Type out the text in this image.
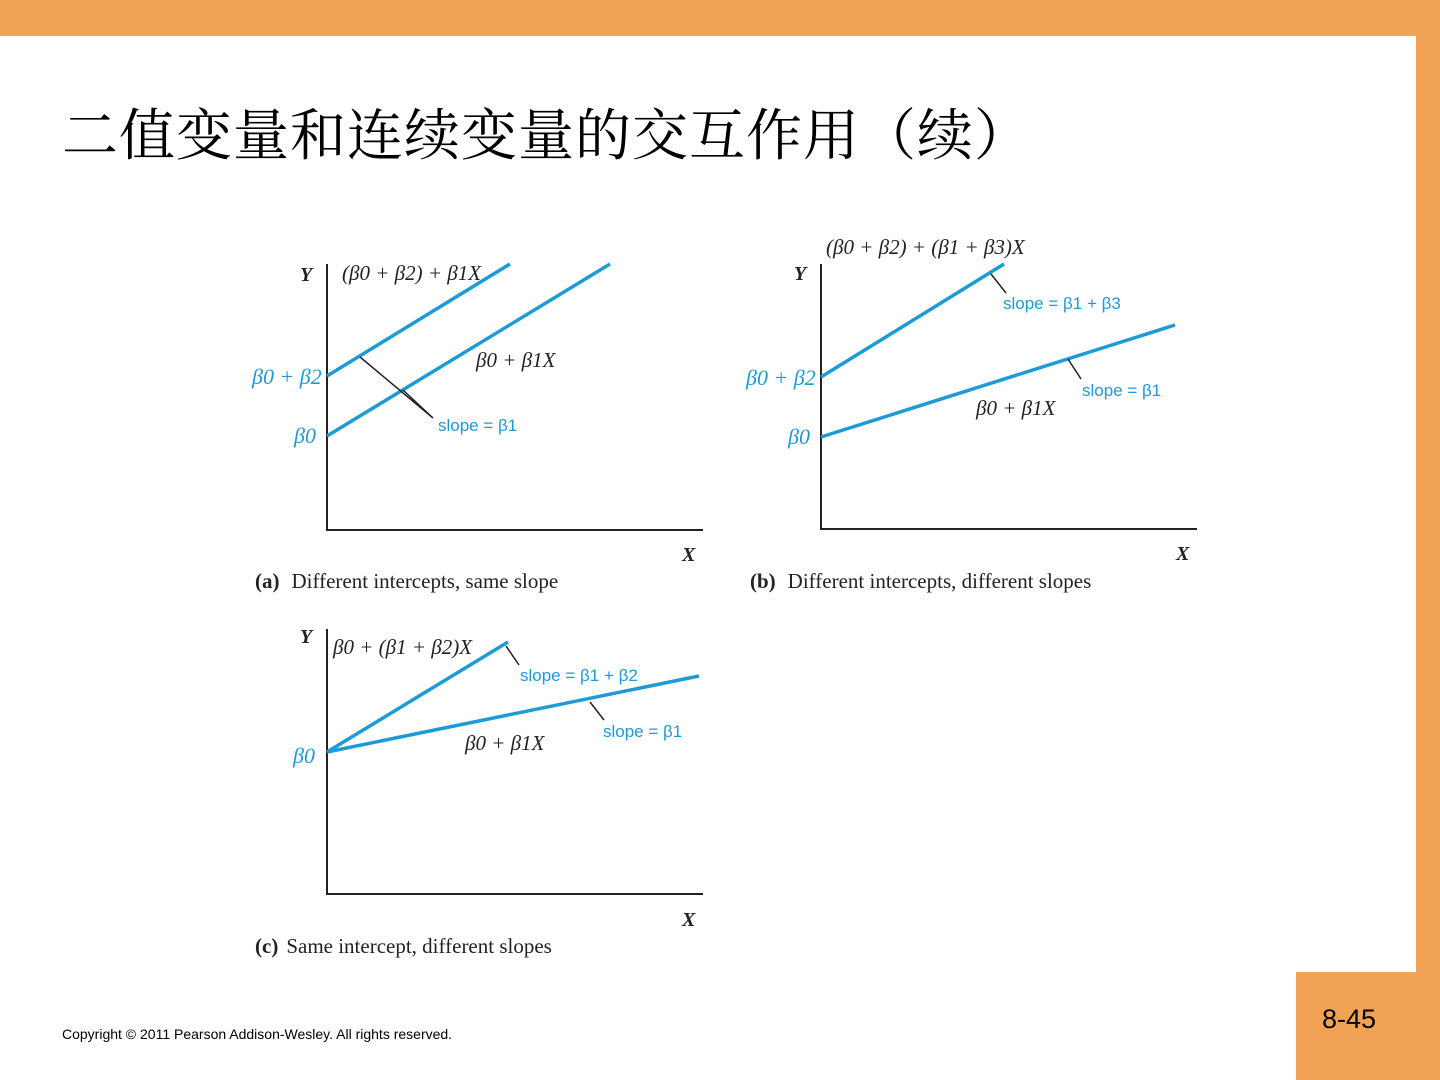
8-45
二值变量和连续变量的交互作用（续）
Y
X
β0 + β2
β0
(β0 + β2) + β1X
β0 + β1X
slope = β1
(a) Different intercepts, same slope
Y
X
β0 + β2
β0
(β0 + β2) + (β1 + β3)X
β0 + β1X
slope = β1 + β3
slope = β1
(b) Different intercepts, different slopes
Y
X
β0
β0 + (β1 + β2)X
β0 + β1X
slope = β1 + β2
slope = β1
(c) Same intercept, different slopes
Copyright © 2011 Pearson Addison-Wesley. All rights reserved.
